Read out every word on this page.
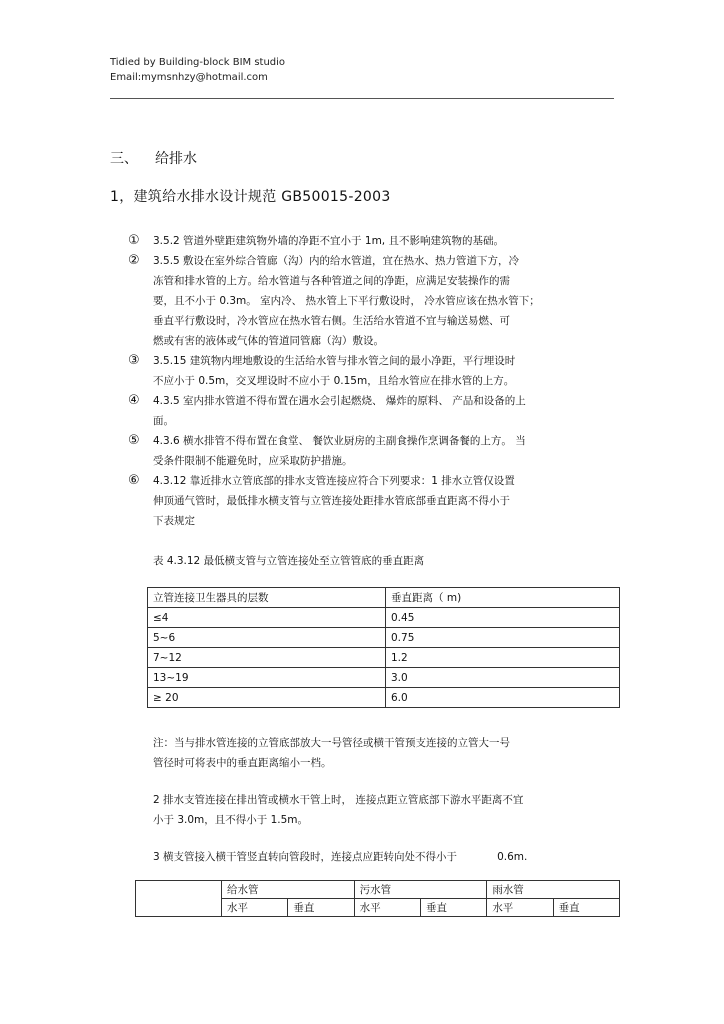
Tidied by Building-block BIM studio
Email:mymsnhzy@hotmail.com
三、 给排水
1，建筑给水排水设计规范 GB50015-2003
①	3.5.2 管道外壁距建筑物外墙的净距不宜小于 1m, 且不影响建筑物的基础。
②	3.5.5 敷设在室外综合管廊（沟）内的给水管道，宜在热水、热力管道下方，冷
冻管和排水管的上方。给水管道与各种管道之间的净距，应满足安装操作的需
要，且不小于 0.3m。 室内冷、 热水管上下平行敷设时， 冷水管应该在热水管下；
垂直平行敷设时，冷水管应在热水管右侧。生活给水管道不宜与输送易燃、可
燃或有害的液体或气体的管道同管廊（沟）敷设。
③	3.5.15 建筑物内埋地敷设的生活给水管与排水管之间的最小净距，平行埋设时
不应小于 0.5m，交叉埋设时不应小于 0.15m，且给水管应在排水管的上方。
④	4.3.5 室内排水管道不得布置在遇水会引起燃烧、 爆炸的原料、 产品和设备的上
面。
⑤	4.3.6 横水排管不得布置在食堂、 餐饮业厨房的主副食操作烹调备餐的上方。 当
受条件限制不能避免时，应采取防护措施。
⑥	4.3.12 靠近排水立管底部的排水支管连接应符合下列要求：1 排水立管仅设置
伸顶通气管时，最低排水横支管与立管连接处距排水管底部垂直距离不得小于
下表规定
表 4.3.12 最低横支管与立管连接处至立管管底的垂直距离
立管连接卫生器具的层数	垂直距离（ m)
≤4	0.45
5~6	0.75
7~12	1.2
13~19	3.0
≥ 20	6.0
注：当与排水管连接的立管底部放大一号管径或横干管预支连接的立管大一号
管径时可将表中的垂直距离缩小一档。
2 排水支管连接在排出管或横水干管上时， 连接点距立管底部下游水平距离不宜
小于 3.0m，且不得小于 1.5m。
3 横支管接入横干管竖直转向管段时，连接点应距转向处不得小于            0.6m.
	给水管		污水管		雨水管	
	水平	垂直	水平	垂直	水平	垂直
